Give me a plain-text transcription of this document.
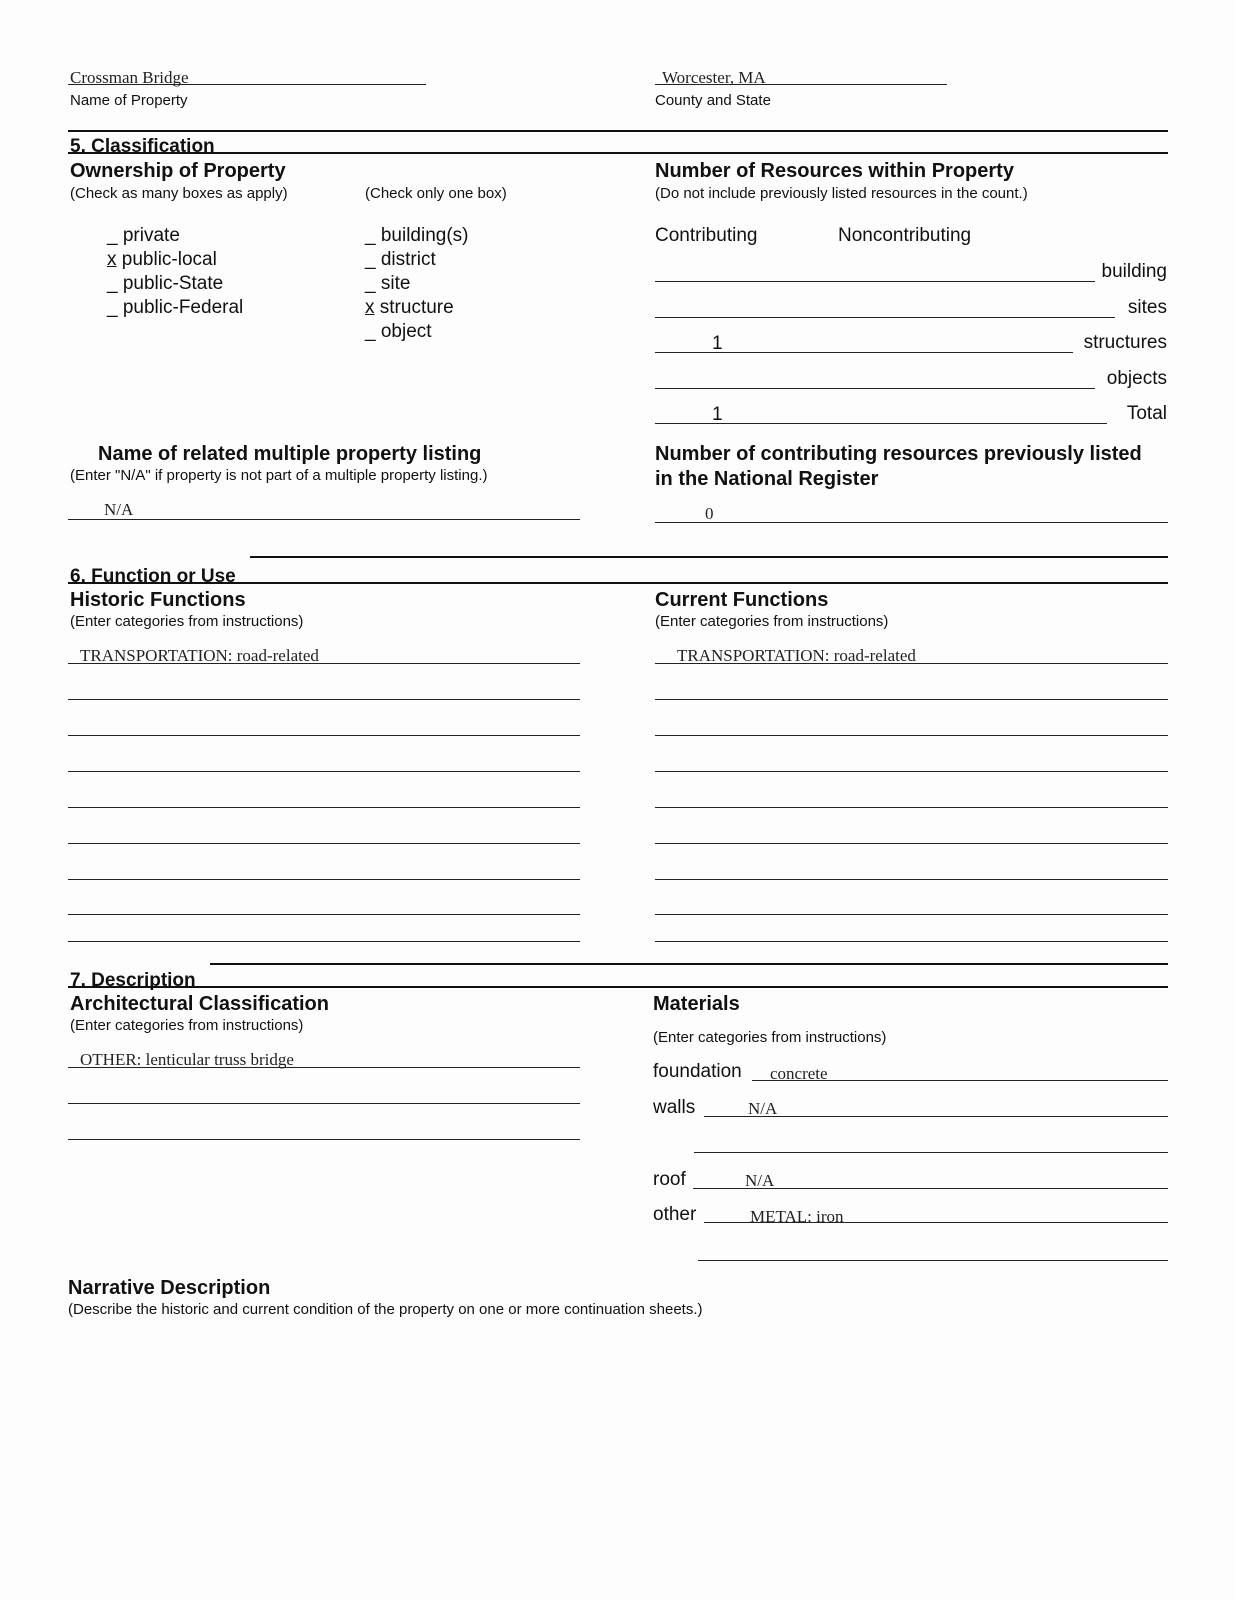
Crossman Bridge
Name of Property
Worcester, MA
County and State
5. Classification
Ownership of Property
(Check as many boxes as apply)	(Check only one box)
_ private
x public-local
_ public-State
_ public-Federal
_ building(s)
_ district
_ site
x structure
_ object
Number of Resources within Property
(Do not include previously listed resources in the count.)
Contributing	Noncontributing
building
sites
1	structures
objects
1	Total
Name of related multiple property listing
(Enter "N/A" if property is not part of a multiple property listing.)
N/A
Number of contributing resources previously listed
in the National Register
0
6. Function or Use
Historic Functions
(Enter categories from instructions)
TRANSPORTATION: road-related
Current Functions
(Enter categories from instructions)
TRANSPORTATION: road-related
7. Description
Architectural Classification
(Enter categories from instructions)
OTHER: lenticular truss bridge
Materials
(Enter categories from instructions)
foundation concrete
walls	N/A
roof	N/A
other	METAL: iron
Narrative Description
(Describe the historic and current condition of the property on one or more continuation sheets.)
